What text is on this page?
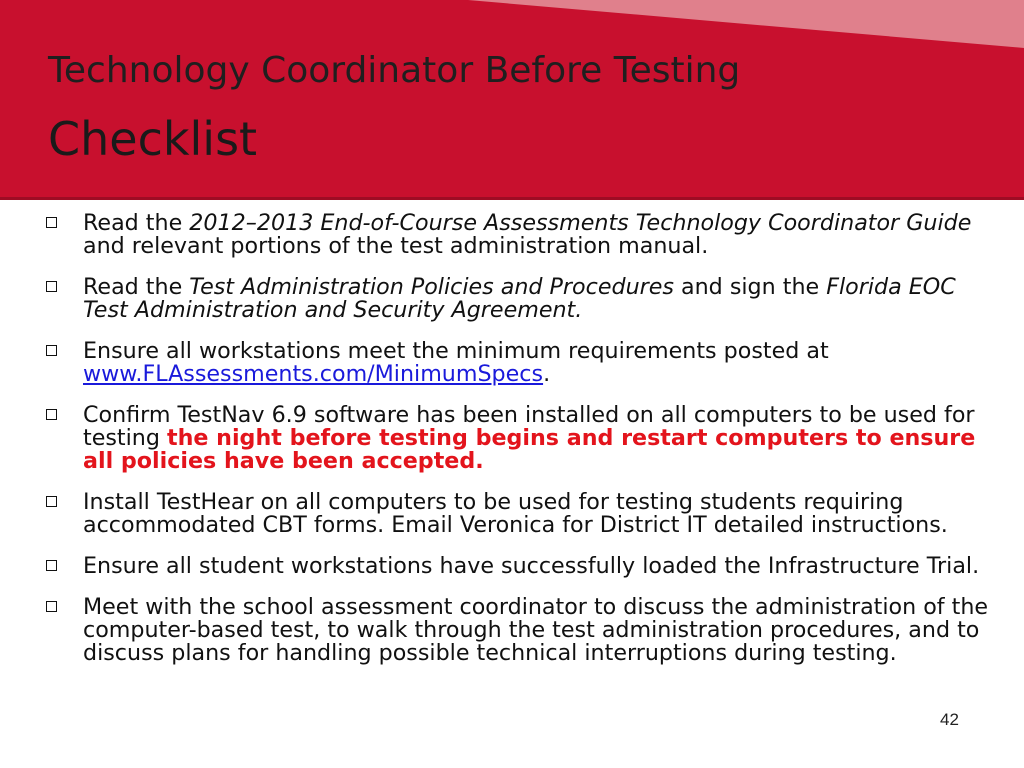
Technology Coordinator Before Testing
Checklist
Read the 2012–2013 End-of-Course Assessments Technology Coordinator Guide and relevant portions of the test administration manual.
Read the Test Administration Policies and Procedures and sign the Florida EOC Test Administration and Security Agreement.
Ensure all workstations meet the minimum requirements posted at www.FLAssessments.com/MinimumSpecs.
Confirm TestNav 6.9 software has been installed on all computers to be used for testing the night before testing begins and restart computers to ensure all policies have been accepted.
Install TestHear on all computers to be used for testing students requiring accommodated CBT forms. Email Veronica for District IT detailed instructions.
Ensure all student workstations have successfully loaded the Infrastructure Trial.
Meet with the school assessment coordinator to discuss the administration of the computer-based test, to walk through the test administration procedures, and to discuss plans for handling possible technical interruptions during testing.
42
